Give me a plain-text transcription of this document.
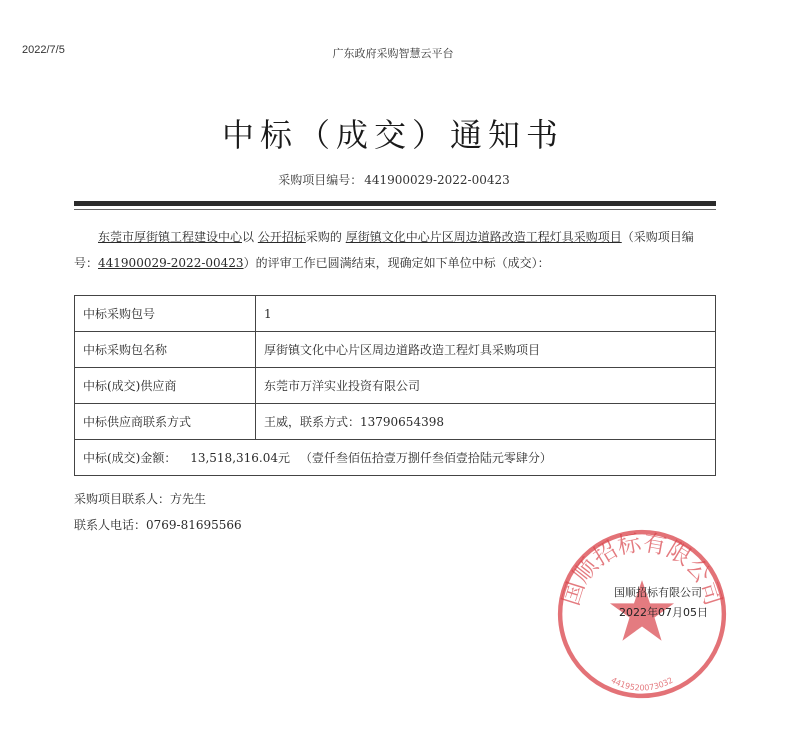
2022/7/5	广东政府采购智慧云平台
中标（成交）通知书
采购项目编号： 441900029-2022-00423
东莞市厚街镇工程建设中心以 公开招标采购的 厚街镇文化中心片区周边道路改造工程灯具采购项目（采购项目编号：441900029-2022-00423）的评审工作已圆满结束，现确定如下单位中标（成交）：
中标采购包号	1
中标采购包名称	厚街镇文化中心片区周边道路改造工程灯具采购项目
中标(成交)供应商	东莞市万洋实业投资有限公司
中标供应商联系方式	王威，联系方式：13790654398
中标(成交)金额： 13,518,316.04元 （壹仟叁佰伍拾壹万捌仟叁佰壹拾陆元零肆分）	
采购项目联系人：方先生
联系人电话：0769-81695566
国顺招标有限公司
4419520073032
国顺招标有限公司
2022年07月05日
